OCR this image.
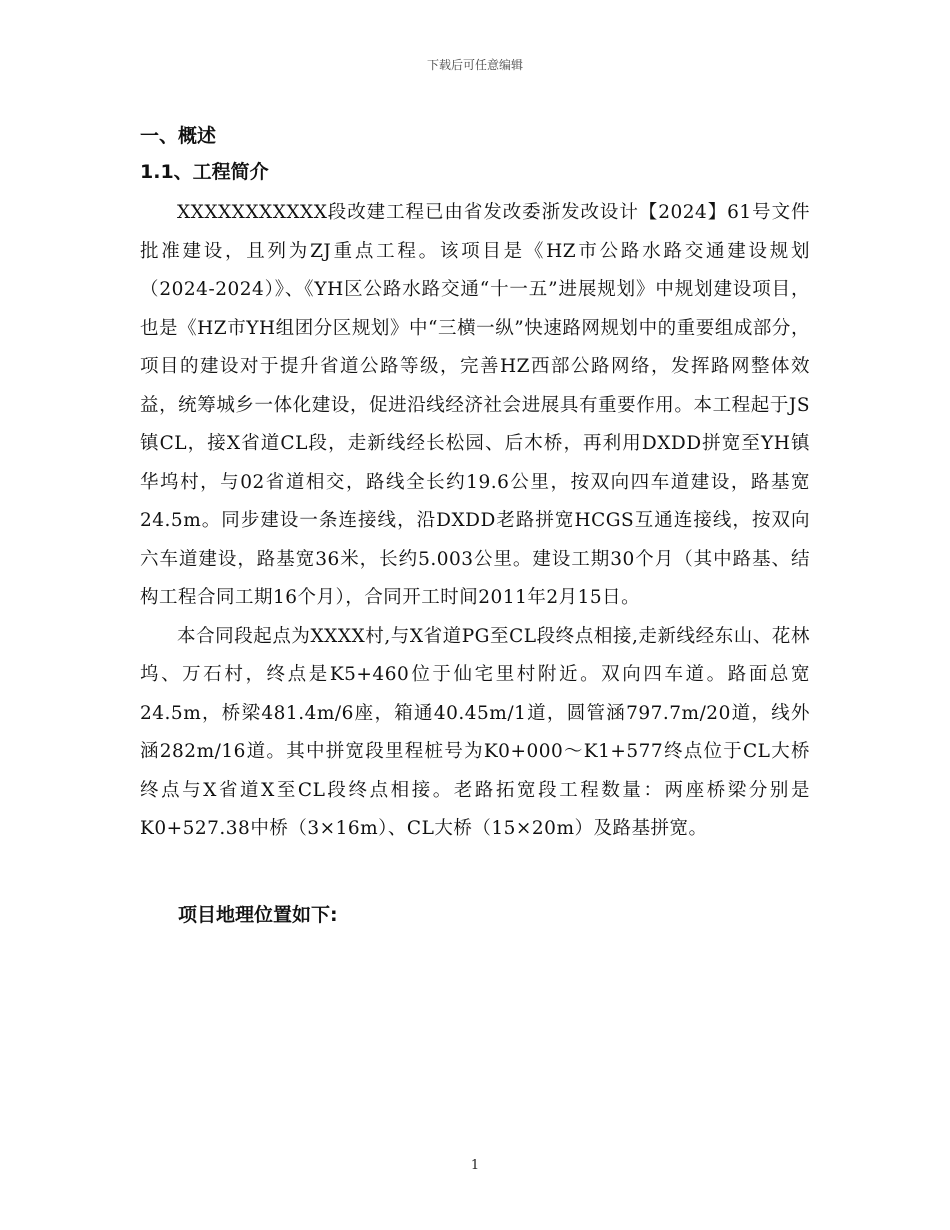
下载后可任意编辑
一、概述
1.1、工程简介

XXXXXXXXXXX段改建工程已由省发改委浙发改设计【2024】61号文件批准建设，且列为ZJ重点工程。该项目是《HZ市公路水路交通建设规划（2024-2024）》、《YH区公路水路交通“十一五”进展规划》中规划建设项目，也是《HZ市YH组团分区规划》中“三横一纵”快速路网规划中的重要组成部分，项目的建设对于提升省道公路等级，完善HZ西部公路网络，发挥路网整体效益，统筹城乡一体化建设，促进沿线经济社会进展具有重要作用。本工程起于JS镇CL，接X省道CL段，走新线经长松园、后木桥，再利用DXDD拼宽至YH镇华坞村，与02省道相交，路线全长约19.6公里，按双向四车道建设，路基宽24.5m。同步建设一条连接线，沿DXDD老路拼宽HCGS互通连接线，按双向六车道建设，路基宽36米，长约5.003公里。建设工期30个月（其中路基、结构工程合同工期16个月），合同开工时间2011年2月15日。

本合同段起点为XXXX村,与X省道PG至CL段终点相接,走新线经东山、花林坞、万石村，终点是K5+460位于仙宅里村附近。双向四车道。路面总宽24.5m，桥梁481.4m/6座，箱通40.45m/1道，圆管涵797.7m/20道，线外涵282m/16道。其中拼宽段里程桩号为K0+000～K1+577终点位于CL大桥终点与X省道X至CL段终点相接。老路拓宽段工程数量：两座桥梁分别是K0+527.38中桥（3×16m）、CL大桥（15×20m）及路基拼宽。

项目地理位置如下:
1
